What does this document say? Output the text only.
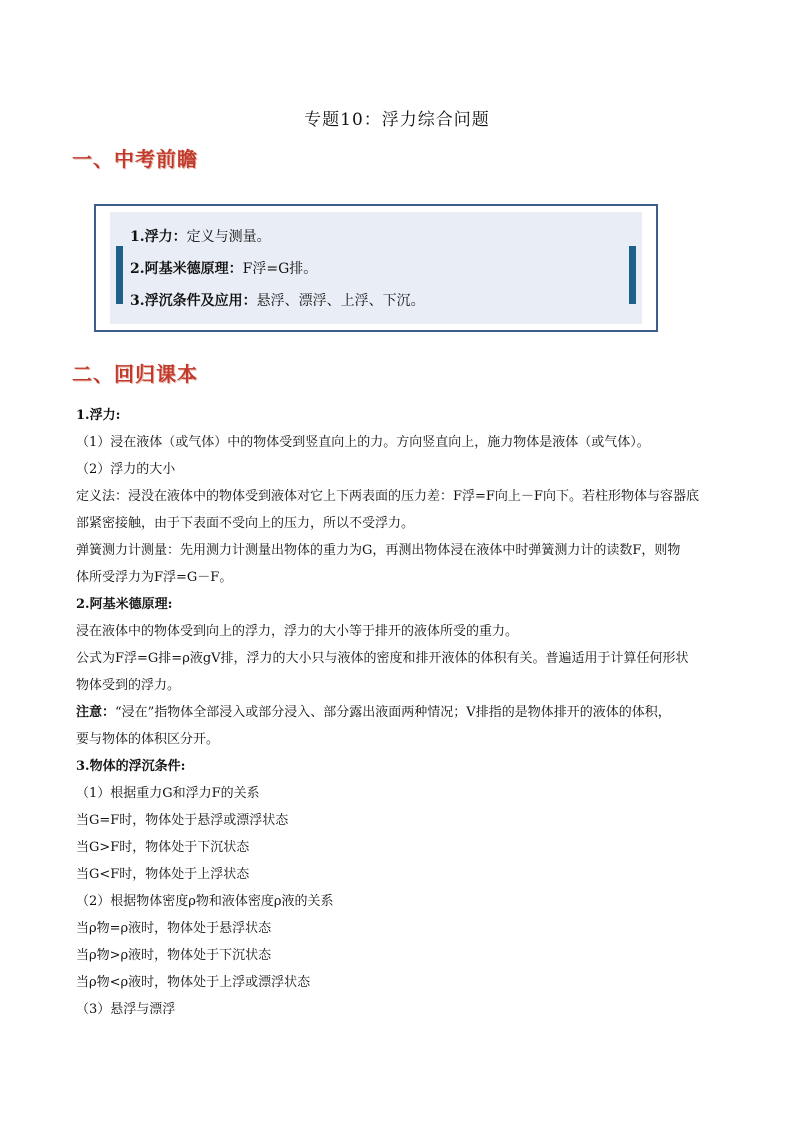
专题10：浮力综合问题
一、中考前瞻
1.浮力：定义与测量。
2.阿基米德原理：F浮=G排。
3.浮沉条件及应用：悬浮、漂浮、上浮、下沉。
二、回归课本

1.浮力:

（1）浸在液体（或气体）中的物体受到竖直向上的力。方向竖直向上，施力物体是液体（或气体）。

（2）浮力的大小

定义法：浸没在液体中的物体受到液体对它上下两表面的压力差：F浮=F向上－F向下。若柱形物体与容器底

部紧密接触，由于下表面不受向上的压力，所以不受浮力。

弹簧测力计测量：先用测力计测量出物体的重力为G，再测出物体浸在液体中时弹簧测力计的读数F，则物

体所受浮力为F浮=G－F。

2.阿基米德原理:

浸在液体中的物体受到向上的浮力，浮力的大小等于排开的液体所受的重力。

公式为F浮=G排=ρ液gV排，浮力的大小只与液体的密度和排开液体的体积有关。普遍适用于计算任何形状

物体受到的浮力。

注意：“浸在”指物体全部浸入或部分浸入、部分露出液面两种情况；V排指的是物体排开的液体的体积，

要与物体的体积区分开。

3.物体的浮沉条件:

（1）根据重力G和浮力F的关系

当G=F时，物体处于悬浮或漂浮状态

当G>F时，物体处于下沉状态

当G<F时，物体处于上浮状态

（2）根据物体密度ρ物和液体密度ρ液的关系

当ρ物=ρ液时，物体处于悬浮状态

当ρ物>ρ液时，物体处于下沉状态

当ρ物<ρ液时，物体处于上浮或漂浮状态

（3）悬浮与漂浮
